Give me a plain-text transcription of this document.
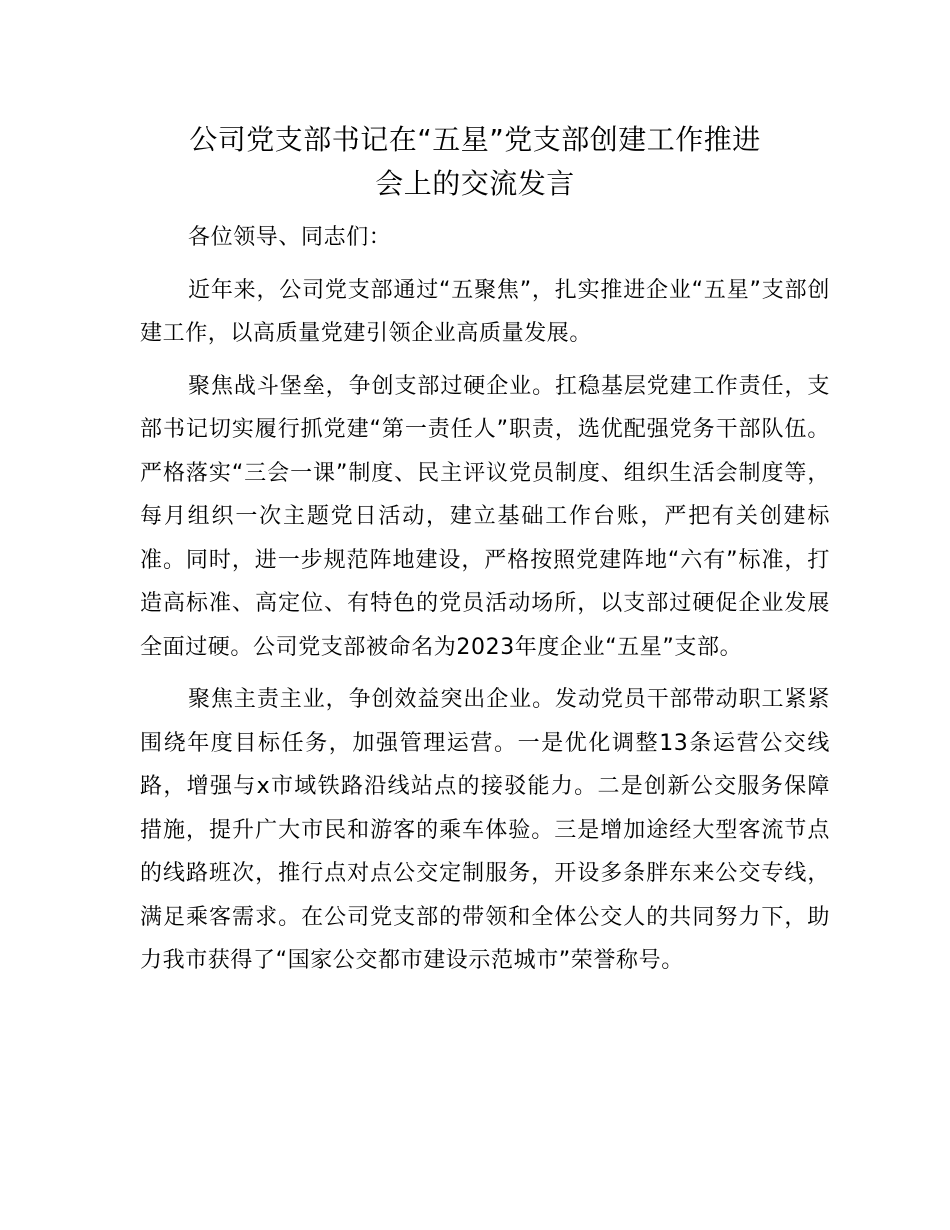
公司党支部书记在“五星”党支部创建工作推进
会上的交流发言

各位领导、同志们：

近年来，公司党支部通过“五聚焦”，扎实推进企业“五星”支部创建工作，以高质量党建引领企业高质量发展。

聚焦战斗堡垒，争创支部过硬企业。扛稳基层党建工作责任，支部书记切实履行抓党建“第一责任人”职责，选优配强党务干部队伍。严格落实“三会一课”制度、民主评议党员制度、组织生活会制度等，每月组织一次主题党日活动，建立基础工作台账，严把有关创建标准。同时，进一步规范阵地建设，严格按照党建阵地“六有”标准，打造高标准、高定位、有特色的党员活动场所，以支部过硬促企业发展全面过硬。公司党支部被命名为2023年度企业“五星”支部。

聚焦主责主业，争创效益突出企业。发动党员干部带动职工紧紧围绕年度目标任务，加强管理运营。一是优化调整13条运营公交线路，增强与x市域铁路沿线站点的接驳能力。二是创新公交服务保障措施，提升广大市民和游客的乘车体验。三是增加途经大型客流节点的线路班次，推行点对点公交定制服务，开设多条胖东来公交专线，满足乘客需求。在公司党支部的带领和全体公交人的共同努力下，助力我市获得了“国家公交都市建设示范城市”荣誉称号。
